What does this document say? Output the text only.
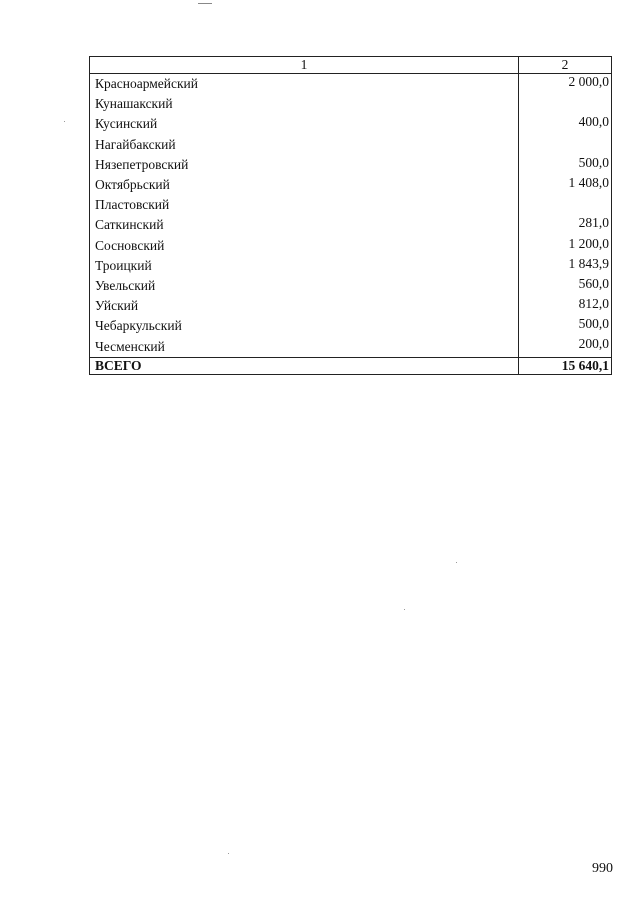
1	2
Красноармейский	2 000,0
Кунашакский	
Кусинский	400,0
Нагайбакский	
Нязепетровский	500,0
Октябрьский	1 408,0
Пластовский	
Саткинский	281,0
Сосновский	1 200,0
Троицкий	1 843,9
Увельский	560,0
Уйский	812,0
Чебаркульский	500,0
Чесменский	200,0
ВСЕГО	15 640,1
990
